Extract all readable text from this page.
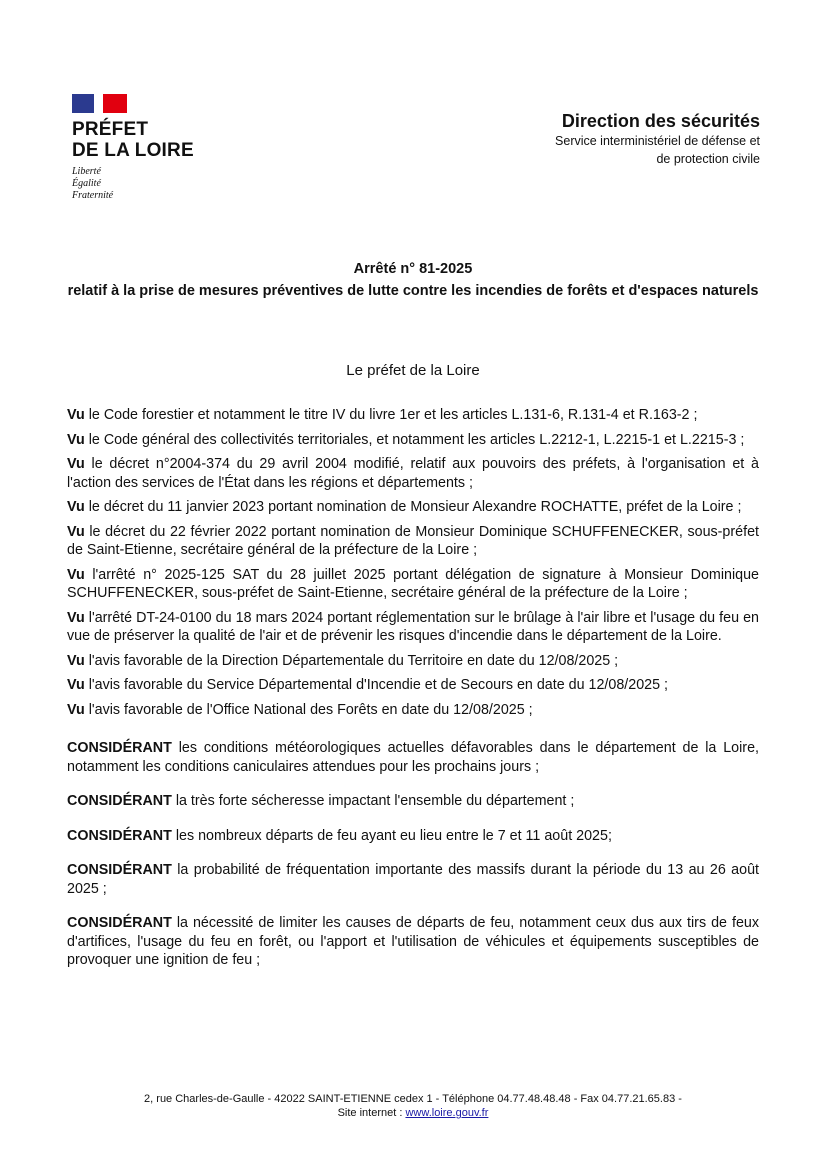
PRÉFET
DE LA LOIRE
Liberté
Égalité
Fraternité
Direction des sécurités
Service interministériel de défense et
de protection civile
Arrêté n° 81-2025
relatif à la prise de mesures préventives de lutte contre les incendies de forêts et d'espaces naturels
Le préfet de la Loire

Vu le Code forestier et notamment le titre IV du livre 1er et les articles L.131-6, R.131-4 et R.163-2 ;

Vu le Code général des collectivités territoriales, et notamment les articles L.2212-1, L.2215-1 et L.2215-3 ;

Vu le décret n°2004-374 du 29 avril 2004 modifié, relatif aux pouvoirs des préfets, à l'organisation et à l'action des services de l'État dans les régions et départements ;

Vu le décret du 11 janvier 2023 portant nomination de Monsieur Alexandre ROCHATTE, préfet de la Loire ;

Vu le décret du 22 février 2022 portant nomination de Monsieur Dominique SCHUFFENECKER, sous-préfet de Saint-Etienne, secrétaire général de la préfecture de la Loire ;

Vu l'arrêté n° 2025-125 SAT du 28 juillet 2025 portant délégation de signature à Monsieur Dominique SCHUFFENECKER, sous-préfet de Saint-Etienne, secrétaire général de la préfecture de la Loire ;

Vu l'arrêté DT-24-0100 du 18 mars 2024 portant réglementation sur le brûlage à l'air libre et l'usage du feu en vue de préserver la qualité de l'air et de prévenir les risques d'incendie dans le département de la Loire.

Vu l'avis favorable de la Direction Départementale du Territoire en date du 12/08/2025 ;

Vu l'avis favorable du Service Départemental d'Incendie et de Secours en date du 12/08/2025 ;

Vu l'avis favorable de l'Office National des Forêts en date du 12/08/2025 ;

CONSIDÉRANT les conditions météorologiques actuelles défavorables dans le département de la Loire, notamment les conditions caniculaires attendues pour les prochains jours ;

CONSIDÉRANT la très forte sécheresse impactant l'ensemble du département ;

CONSIDÉRANT les nombreux départs de feu ayant eu lieu entre le 7 et 11 août 2025;

CONSIDÉRANT la probabilité de fréquentation importante des massifs durant la période du 13 au 26 août 2025 ;

CONSIDÉRANT la nécessité de limiter les causes de départs de feu, notamment ceux dus aux tirs de feux d'artifices, l'usage du feu en forêt, ou l'apport et l'utilisation de véhicules et équipements susceptibles de provoquer une ignition de feu ;

2, rue Charles-de-Gaulle - 42022 SAINT-ETIENNE cedex 1 - Téléphone 04.77.48.48.48 - Fax 04.77.21.65.83 -
Site internet : www.loire.gouv.fr
